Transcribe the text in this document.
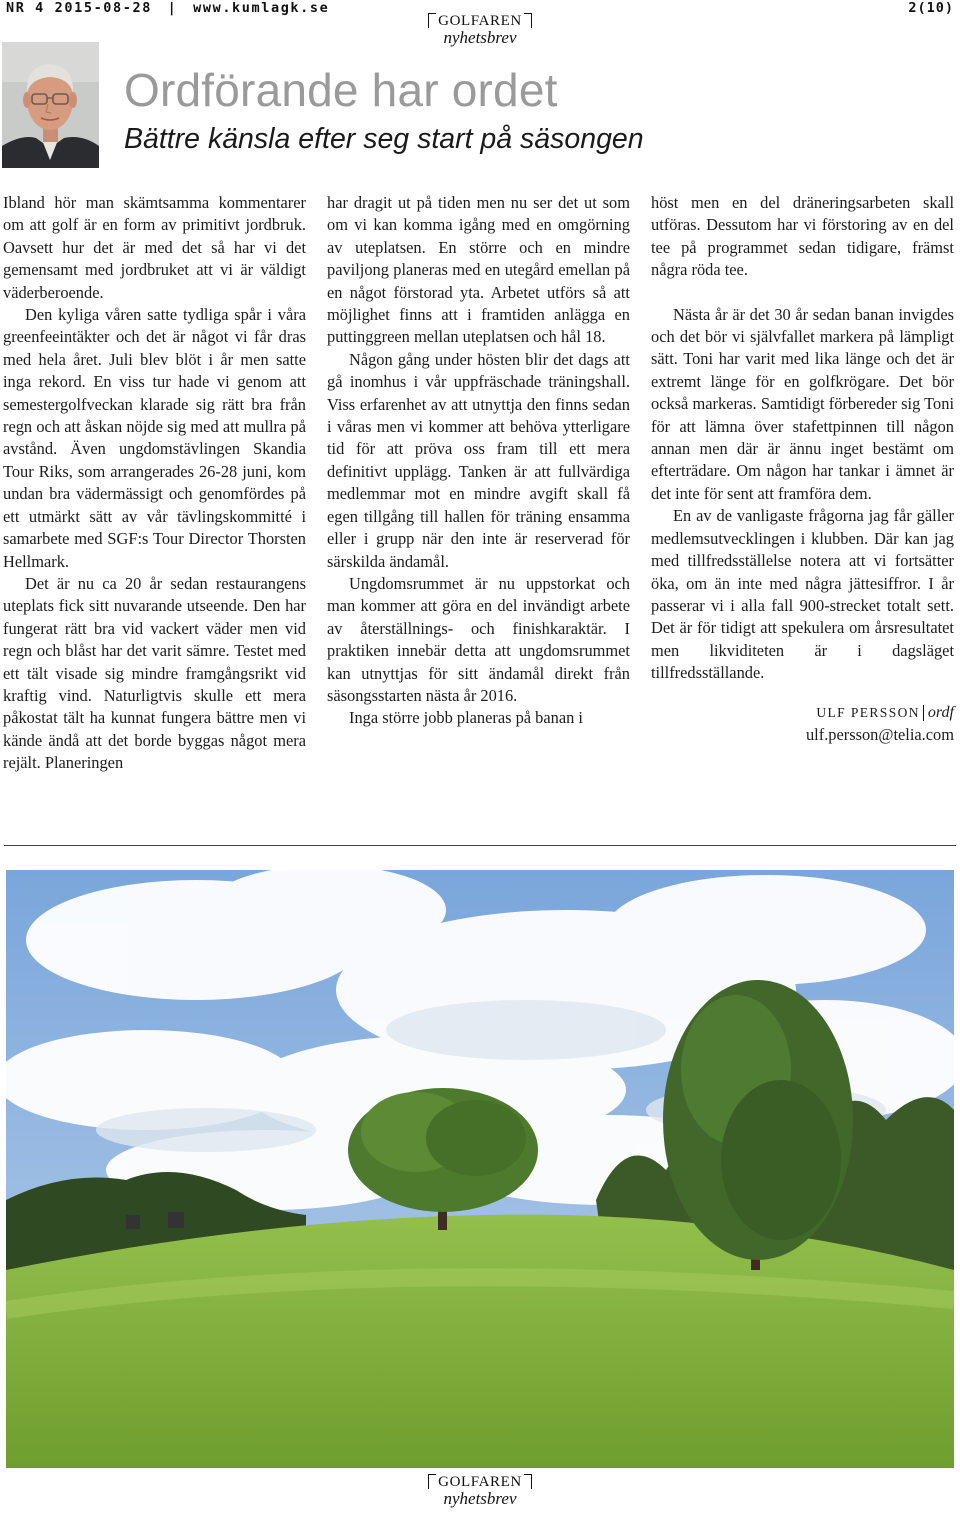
NR 4 2015-08-28 | www.kumlagk.se
GOLFAREN
nyhetsbrev
2(10)
Ordförande har ordet
Bättre känsla efter seg start på säsongen

Ibland hör man skämtsamma kommentarer om att golf är en form av primitivt jordbruk. Oavsett hur det är med det så har vi det gemensamt med jordbruket att vi är väldigt väderberoende.

Den kyliga våren satte tydliga spår i våra greenfeeintäkter och det är något vi får dras med hela året. Juli blev blöt i år men satte inga rekord. En viss tur hade vi genom att semestergolfveckan klarade sig rätt bra från regn och att åskan nöjde sig med att mullra på avstånd. Även ungdomstävlingen Skandia Tour Riks, som arrangerades 26-28 juni, kom undan bra vädermässigt och genomfördes på ett utmärkt sätt av vår tävlingskommitté i samarbete med SGF:s Tour Director Thorsten Hellmark.

Det är nu ca 20 år sedan restaurangens uteplats fick sitt nuvarande utseende. Den har fungerat rätt bra vid vackert väder men vid regn och blåst har det varit sämre. Testet med ett tält visade sig mindre framgångsrikt vid kraftig vind. Naturligtvis skulle ett mera påkostat tält ha kunnat fungera bättre men vi kände ändå att det borde byggas något mera rejält. Planeringen

har dragit ut på tiden men nu ser det ut som om vi kan komma igång med en omgörning av uteplatsen. En större och en mindre paviljong planeras med en utegård emellan på en något förstorad yta. Arbetet utförs så att möjlighet finns att i framtiden anlägga en puttinggreen mellan uteplatsen och hål 18.

Någon gång under hösten blir det dags att gå inomhus i vår uppfräschade träningshall. Viss erfarenhet av att utnyttja den finns sedan i våras men vi kommer att behöva ytterligare tid för att pröva oss fram till ett mera definitivt upplägg. Tanken är att fullvärdiga medlemmar mot en mindre avgift skall få egen tillgång till hallen för träning ensamma eller i grupp när den inte är reserverad för särskilda ändamål.

Ungdomsrummet är nu uppstorkat och man kommer att göra en del invändigt arbete av återställnings- och finishkaraktär. I praktiken innebär detta att ungdomsrummet kan utnyttjas för sitt ändamål direkt från säsongsstarten nästa år 2016.

Inga större jobb planeras på banan i

höst men en del dräneringsarbeten skall utföras. Dessutom har vi förstoring av en del tee på programmet sedan tidigare, främst några röda tee.

Nästa år är det 30 år sedan banan invigdes och det bör vi självfallet markera på lämpligt sätt. Toni har varit med lika länge och det är extremt länge för en golfkrögare. Det bör också markeras. Samtidigt förbereder sig Toni för att lämna över stafettpinnen till någon annan men där är ännu inget bestämt om efterträdare. Om någon har tankar i ämnet är det inte för sent att framföra dem.

En av de vanligaste frågorna jag får gäller medlemsutvecklingen i klubben. Där kan jag med tillfredsställelse notera att vi fortsätter öka, om än inte med några jättesiffror. I år passerar vi i alla fall 900-strecket totalt sett. Det är för tidigt att spekulera om årsresultatet men likviditeten är i dagsläget tillfredsställande.

ULF PERSSON ordf
ulf.persson@telia.com
GOLFAREN
nyhetsbrev
